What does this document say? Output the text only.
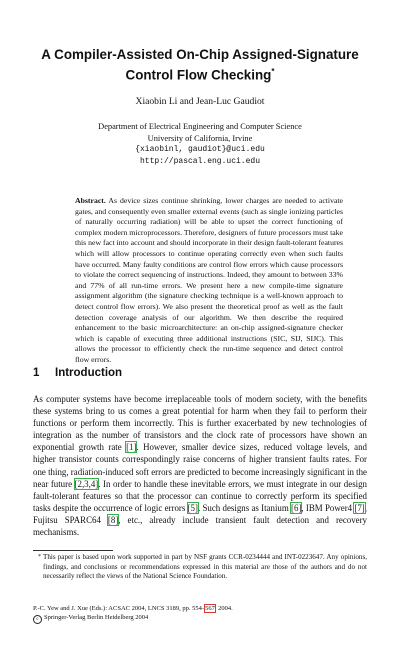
A Compiler-Assisted On-Chip Assigned-Signature
Control Flow Checking*

Xiaobin Li and Jean-Luc Gaudiot

Department of Electrical Engineering and Computer Science
University of California, Irvine
{xiaobinl, gaudiot}@uci.edu
http://pascal.eng.uci.edu

Abstract. As device sizes continue shrinking, lower charges are needed to activate gates, and consequently even smaller external events (such as single ionizing particles of naturally occurring radiation) will be able to upset the correct functioning of complex modern microprocessors. Therefore, designers of future processors must take this new fact into account and should incorporate in their design fault-tolerant features which will allow processors to continue operating correctly even when such faults have occurred. Many faulty conditions are control flow errors which cause processors to violate the correct sequencing of instructions. Indeed, they amount to between 33% and 77% of all run-time errors. We present here a new compile-time signature assignment algorithm (the signature checking technique is a well-known approach to detect control flow errors). We also present the theoretical proof as well as the fault detection coverage analysis of our algorithm. We then describe the required enhancement to the basic microarchitecture: an on-chip assigned-signature checker which is capable of executing three additional instructions (SIC, SIJ, SIJC). This allows the processor to efficiently check the run-time sequence and detect control flow errors.

1 Introduction

As computer systems have become irreplaceable tools of modern society, with the benefits these systems bring to us comes a great potential for harm when they fail to perform their functions or perform them incorrectly. This is further exacerbated by new technologies of integration as the number of transistors and the clock rate of processors have shown an exponential growth rate [1]. However, smaller device sizes, reduced voltage levels, and higher transistor counts correspondingly raise concerns of higher transient faults rates. For one thing, radiation-induced soft errors are predicted to become increasingly significant in the near future [2,3,4]. In order to handle these inevitable errors, we must integrate in our design fault-tolerant features so that the processor can continue to correctly perform its specified tasks despite the occurrence of logic errors [5]. Such designs as Itanium [6], IBM Power4 [7], Fujitsu SPARC64 [8], etc., already include transient fault detection and recovery mechanisms.

* This paper is based upon work supported in part by NSF grants CCR-0234444 and INT-0223647. Any opinions, findings, and conclusions or recommendations expressed in this material are those of the authors and do not necessarily reflect the views of the National Science Foundation.

P.-C. Yew and J. Xue (Eds.): ACSAC 2004, LNCS 3189, pp. 554–567, 2004.
c Springer-Verlag Berlin Heidelberg 2004
